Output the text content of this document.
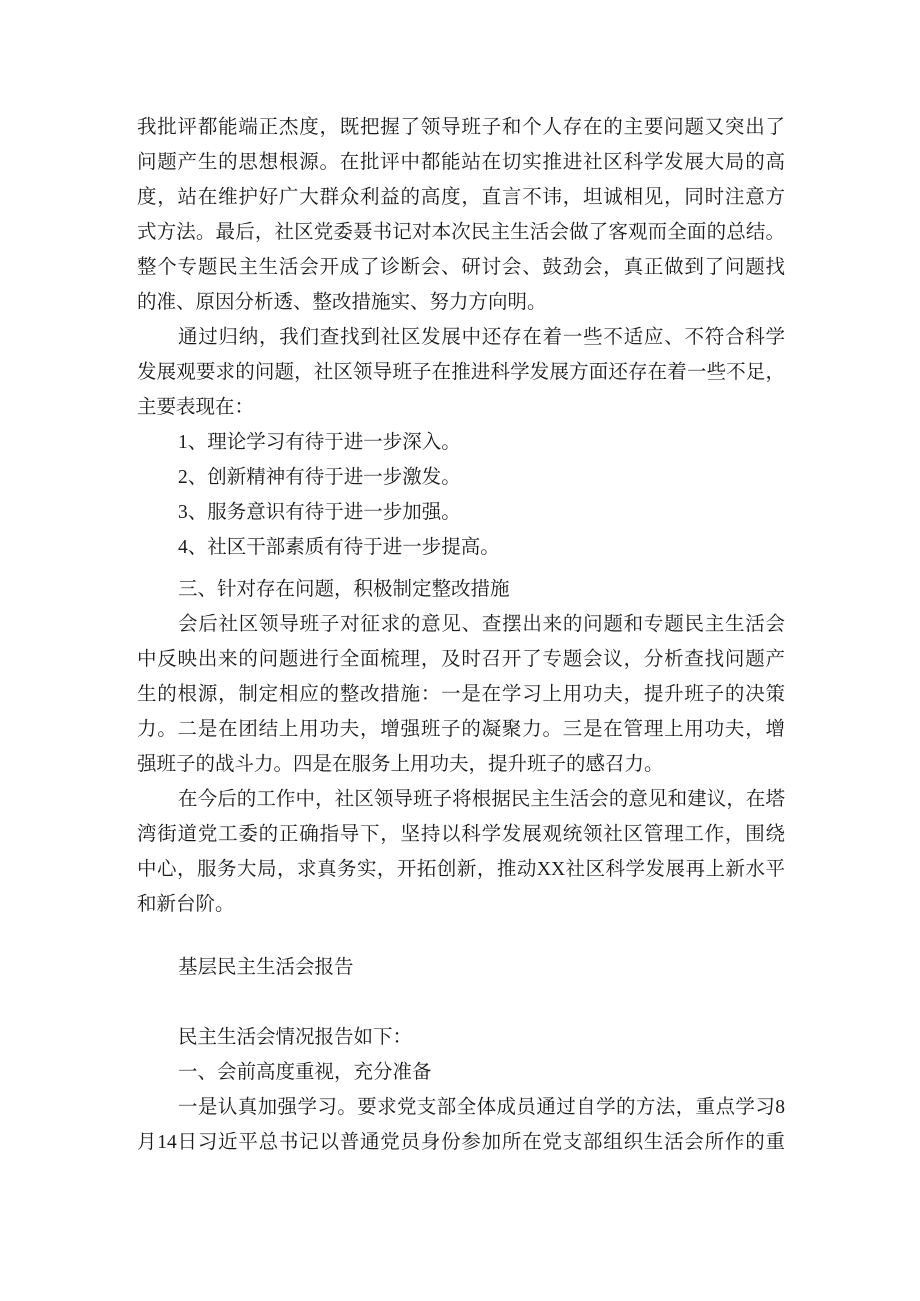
我批评都能端正杰度，既把握了领导班子和个人存在的主要问题又突出了
问题产生的思想根源。在批评中都能站在切实推进社区科学发展大局的高
度，站在维护好广大群众利益的高度，直言不讳，坦诚相见，同时注意方
式方法。最后，社区党委聂书记对本次民主生活会做了客观而全面的总结。
整个专题民主生活会开成了诊断会、研讨会、鼓劲会，真正做到了问题找
的准、原因分析透、整改措施实、努力方向明。
通过归纳，我们查找到社区发展中还存在着一些不适应、不符合科学
发展观要求的问题，社区领导班子在推进科学发展方面还存在着一些不足，
主要表现在：
1、理论学习有待于进一步深入。
2、创新精神有待于进一步激发。
3、服务意识有待于进一步加强。
4、社区干部素质有待于进一步提高。
三、针对存在问题，积极制定整改措施
会后社区领导班子对征求的意见、查摆出来的问题和专题民主生活会
中反映出来的问题进行全面梳理，及时召开了专题会议，分析查找问题产
生的根源，制定相应的整改措施：一是在学习上用功夫，提升班子的决策
力。二是在团结上用功夫，增强班子的凝聚力。三是在管理上用功夫，增
强班子的战斗力。四是在服务上用功夫，提升班子的感召力。
在今后的工作中，社区领导班子将根据民主生活会的意见和建议，在塔
湾街道党工委的正确指导下，坚持以科学发展观统领社区管理工作，围绕
中心，服务大局，求真务实，开拓创新，推动XX社区科学发展再上新水平
和新台阶。
基层民主生活会报告
民主生活会情况报告如下：
一、会前高度重视，充分准备
一是认真加强学习。要求党支部全体成员通过自学的方法，重点学习8
月14日习近平总书记以普通党员身份参加所在党支部组织生活会所作的重
